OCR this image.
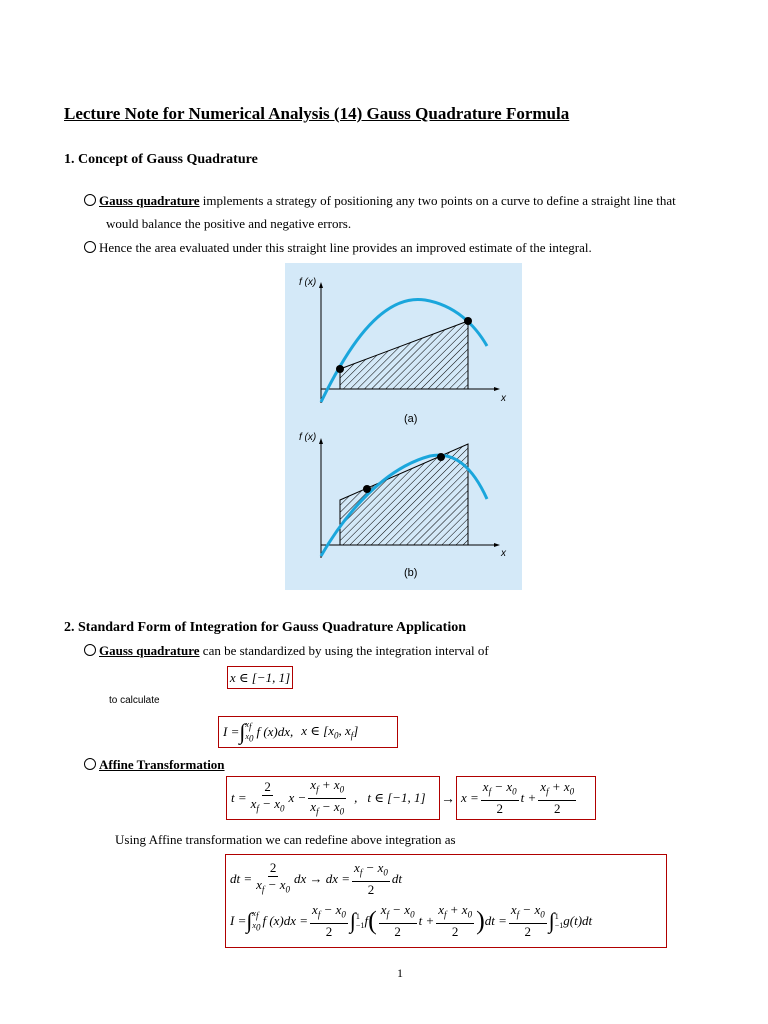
Lecture Note for Numerical Analysis (14) Gauss Quadrature Formula
1. Concept of Gauss Quadrature
Gauss quadrature implements a strategy of positioning any two points on a curve to define a straight line that
would balance the positive and negative errors.
Hence the area evaluated under this straight line provides an improved estimate of the integral.
f (x)
x
(a)
f (x)
x
(b)
2. Standard Form of Integration for Gauss Quadrature Application
Gauss quadrature can be standardized by using the integration interval of
x ∈ [−1, 1]
to calculate
I = ∫ $x_f$
$x_0$ f (x)dx, x ∈ [$x_0$, $x_f$]
Affine Transformation
$t = \frac{2}{x_f - x_0}$ $x - \frac{x_f + x_0}{x_f - x_0}$ , t ∈ [−1, $1] \to x = \frac{x_f - x_0}{2}$ $t + \frac{x_f + x_0}{2}$
Using Affine transformation we can redefine above integration as
dt = $\frac{2}{x_f - x_0}$ dx → dx = $\frac{x_f - x_0}{2}$ dt
I = ∫ $x_f$
$x_0$ f $(x)dx = \frac{x_f - x_0}{2}$ ∫ 1
−1 f ( $\frac{x_f - x_0}{2}$ $t + \frac{x_f + x_0}{2}$ ) dt = $\frac{x_f - x_0}{2}$ ∫ 1
−1 g(t)dt
1
